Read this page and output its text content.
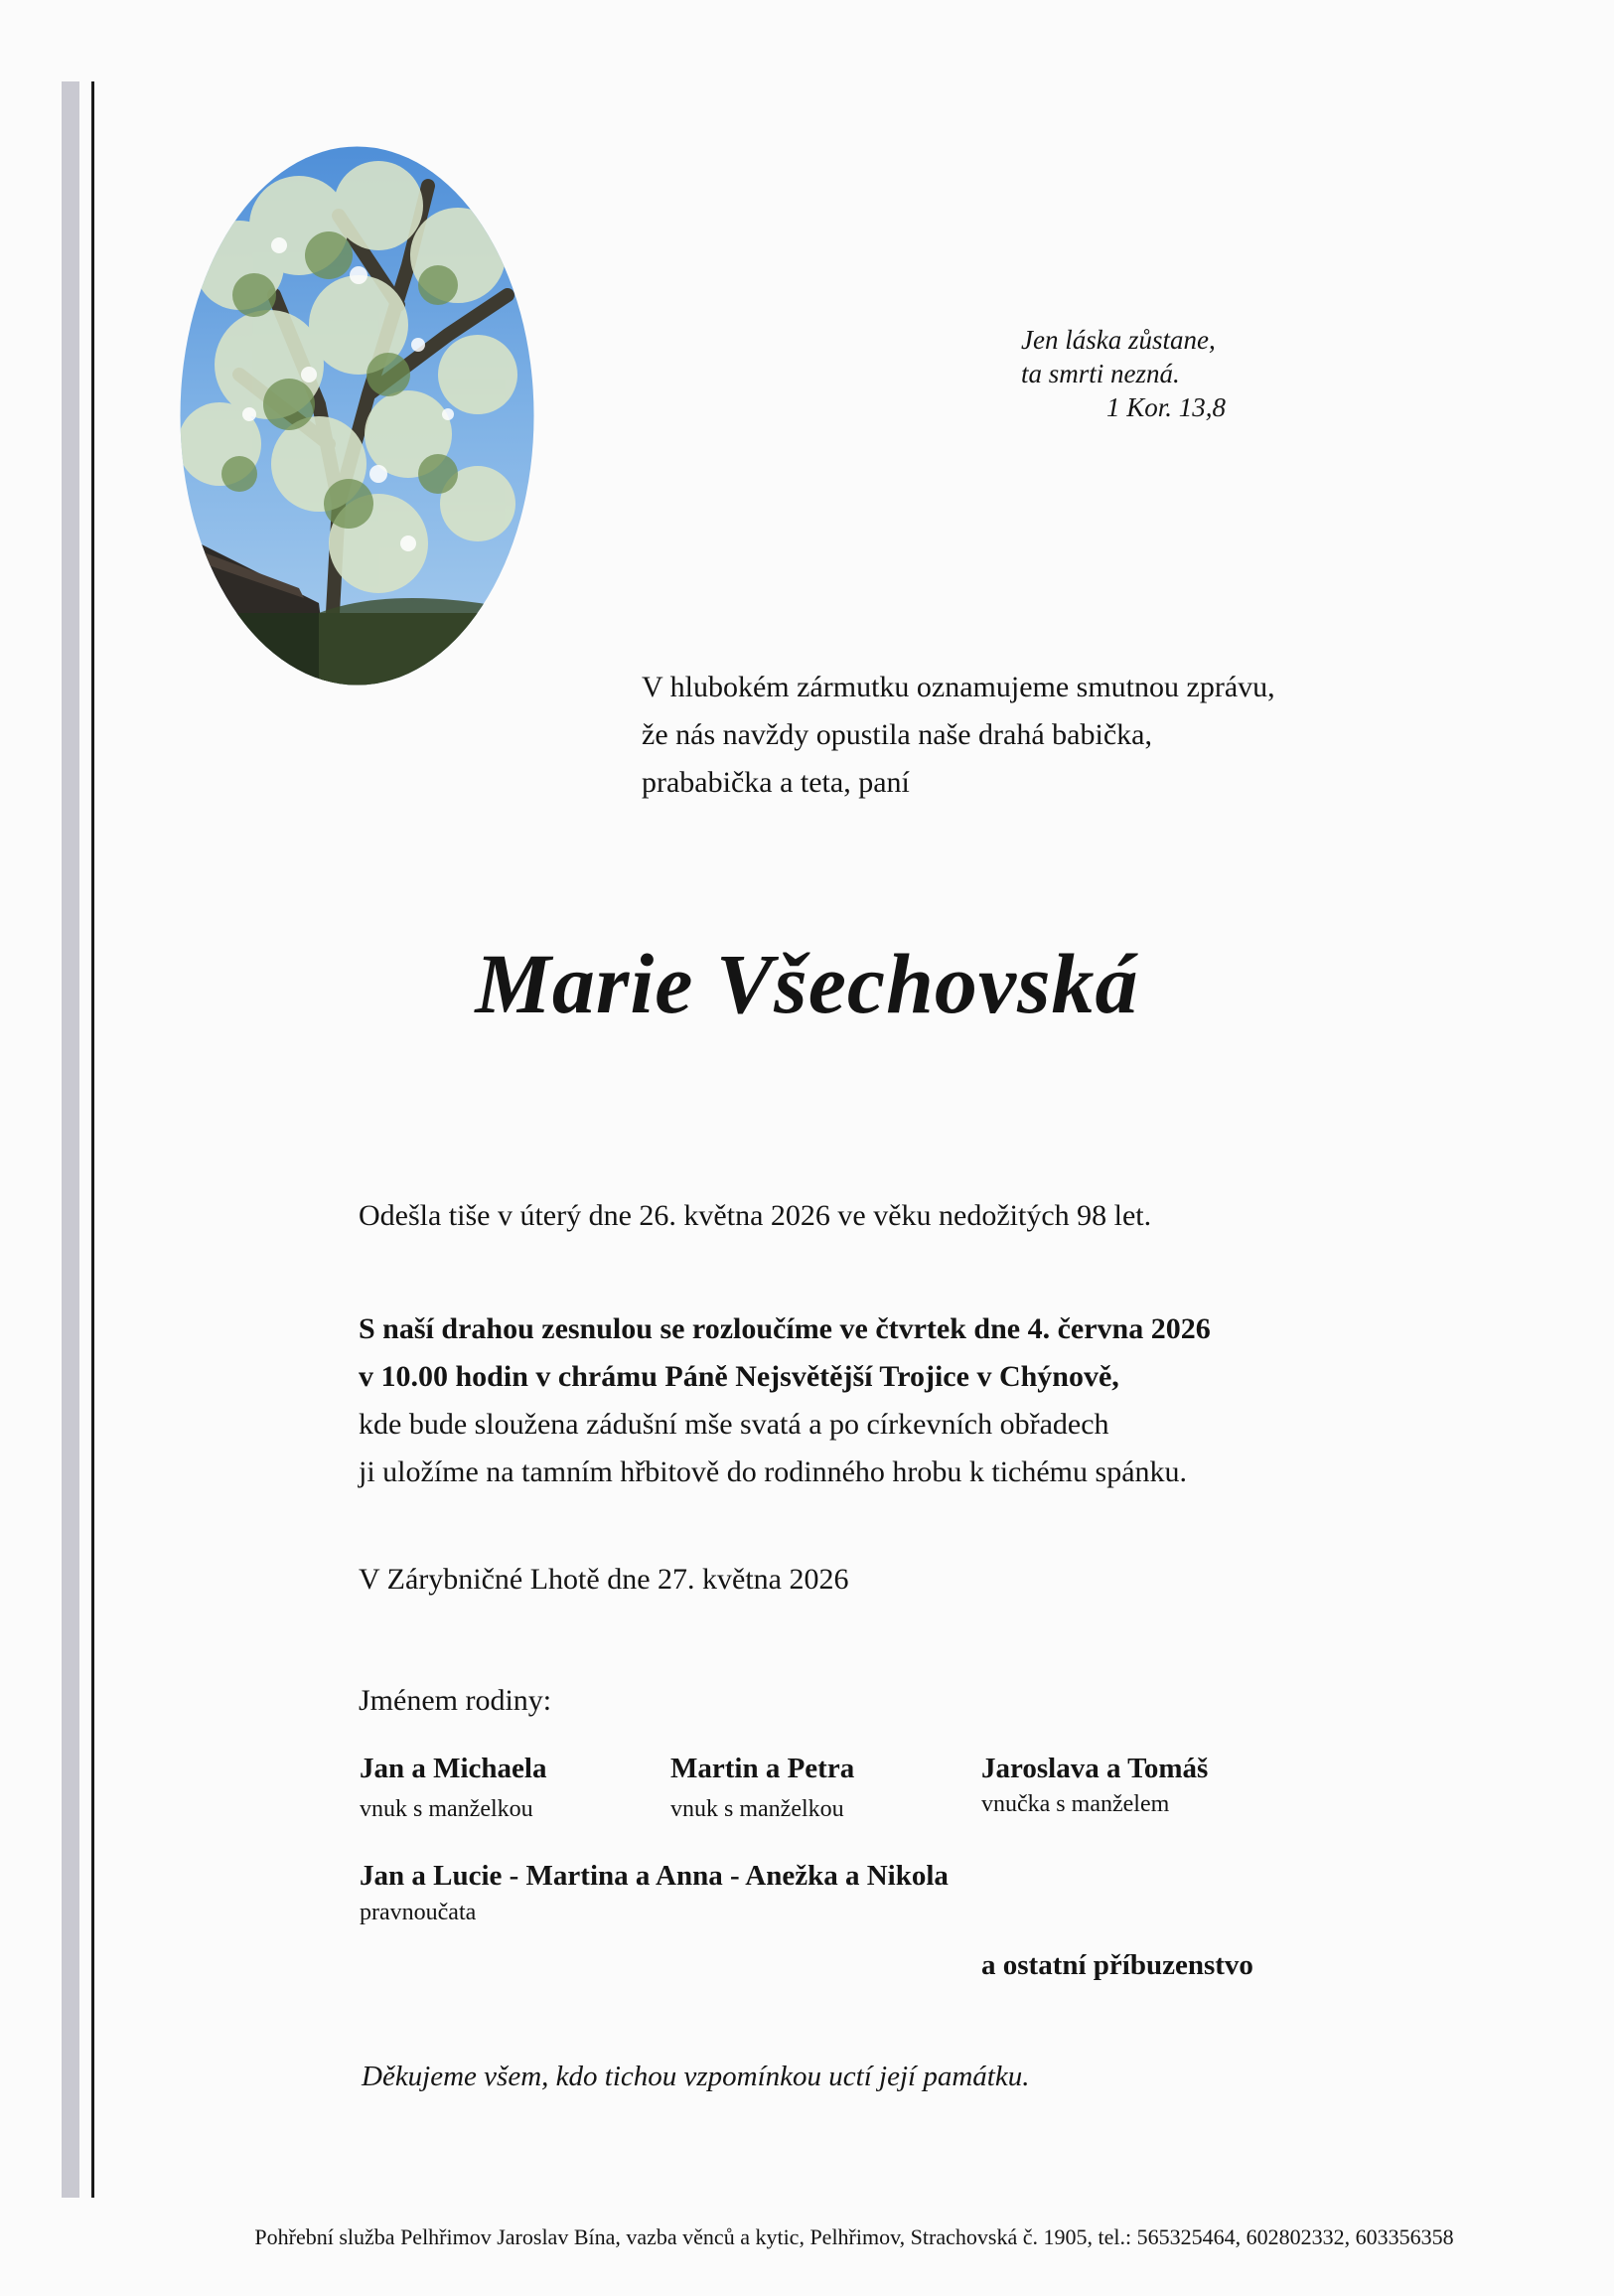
Jen láska zůstane,
ta smrti nezná.
1 Kor. 13,8
V hlubokém zármutku oznamujeme smutnou zprávu,
že nás navždy opustila naše drahá babička,
prababička a teta, paní
Marie Všechovská
Odešla tiše v úterý dne 26. května 2026 ve věku nedožitých 98 let.
S naší drahou zesnulou se rozloučíme ve čtvrtek dne 4. června 2026
v 10.00 hodin v chrámu Páně Nejsvětější Trojice v Chýnově,
kde bude sloužena zádušní mše svatá a po církevních obřadech
ji uložíme na tamním hřbitově do rodinného hrobu k tichému spánku.
V Zárybničné Lhotě dne 27. května 2026
Jménem rodiny:
Jan a Michaela
vnuk s manželkou
Martin a Petra
vnuk s manželkou
Jaroslava a Tomáš
vnučka s manželem
Jan a Lucie - Martina a Anna - Anežka a Nikola
pravnoučata
a ostatní příbuzenstvo
Děkujeme všem, kdo tichou vzpomínkou uctí její památku.
Pohřební služba Pelhřimov Jaroslav Bína, vazba věnců a kytic, Pelhřimov, Strachovská č. 1905, tel.: 565325464, 602802332, 603356358
